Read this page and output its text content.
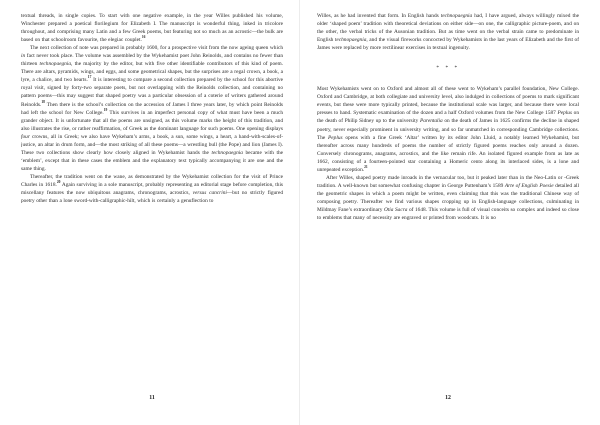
textual threads, in single copies. To start with one negative example, in the year Willes published his volume, Winchester prepared a poetical florilegium for Elizabeth I. The manuscript is wonderful thing, inked in tricolore throughout, and comprising many Latin and a few Greek poems, but featuring not so much as an acrostic—the bulk are based on that schoolroom favourite, the elegiac couplet.$^{16}$

The next collection of note was prepared in probably 1600, for a prospective visit from the now ageing queen which in fact never took place. The volume was assembled by the Wykehamist poet John Reinolds, and contains no fewer than thirteen technopaegnia, the majority by the editor, but with five other identifiable contributors of this kind of poem. There are altars, pyramids, wings, and eggs, and some geometrical shapes, but the surprises are a regal crown, a book, a lyre, a chalice, and two hearts.$^{17}$ It is interesting to compare a second collection prepared by the school for this abortive royal visit, signed by forty-two separate poets, but not overlapping with the Reinolds collection, and containing no pattern poems—this may suggest that shaped poetry was a particular obsession of a coterie of writers gathered around Reinolds.$^{18}$ Then there is the school’s collection on the accession of James I three years later, by which point Reinolds had left the school for New College.$^{19}$ This survives in an imperfect personal copy of what must have been a much grander object. It is unfortunate that all the poems are unsigned, as this volume marks the height of this tradition, and also illustrates the rise, or rather reaffirmation, of Greek as the dominant language for such poems. One opening displays four crowns, all in Greek; we also have Wykeham’s arms, a book, a sun, some wings, a heart, a hand-with-scales-of-justice, an altar in drum form, and—the most striking of all these poems—a wrestling bull (the Pope) and lion (James I). These two collections show clearly how closely aligned in Wykehamist hands the technopaegnia became with the ‘emblem’, except that in these cases the emblem and the explanatory text typically accompanying it are one and the same thing.

Thereafter, the tradition went on the wane, as demonstrated by the Wykehamist collection for the visit of Prince Charles in 1618.20 Again surviving in a sole manuscript, probably representing an editorial stage before completion, this miscellany features the now ubiquitous anagrams, chronograms, acrostics, versus cancrini—but no strictly figured poetry other than a lone sword-with-calligraphic-hilt, which is certainly a genuflection to

11

Willes, as he had invented that form. In English hands technopaegnia had, I have argued, always willingly mixed the older ‘shaped poem’ tradition with theoretical deviations on either side—on one, the calligraphic picture-poem, and on the other, the verbal tricks of the Ausonian tradition. But as time went on the verbal strain came to predominate in English technopaegnia, and the visual fireworks concocted by Wykehamists in the last years of Elizabeth and the first of James were replaced by more rectilinear exercises in textual ingenuity.

* * *

Most Wykehamists went on to Oxford and almost all of these went to Wykeham’s parallel foundation, New College. Oxford and Cambridge, at both collegiate and university level, also indulged in collections of poems to mark significant events, but these were more typically printed, because the institutional scale was larger, and because there were local presses to hand. Systematic examination of the dozen and a half Oxford volumes from the New College 1587 Peplus on the death of Philip Sidney up to the university Parentalia on the death of James in 1625 confirms the decline in shaped poetry, never especially prominent in university writing, and so far unmatched in corresponding Cambridge collections. The Peplus opens with a fine Greek ‘Altar’ written by its editor John Lluid, a notably learned Wykehamist, but thereafter across many hundreds of poems the number of strictly figured poems reaches only around a dozen. Conversely chronograms, anagrams, acrostics, and the like remain rife. An isolated figured example from as late as 1662, consisting of a fourteen-pointed star containing a Homeric cento along its interlaced sides, is a lone and unrepeated exception.$^{21}$

After Willes, shaped poetry made inroads in the vernacular too, but it peaked later than in the Neo-Latin or -Greek tradition. A well-known but somewhat confusing chapter in George Puttenham’s 1589 Arte of English Poesie detailed all the geometric shapes in which a poem might be written, even claiming that this was the traditional Chinese way of composing poetry. Thereafter we find various shapes cropping up in English-language collections, culminating in Mildmay Fane’s extraordinary Otia Sacra of 1648. This volume is full of visual conceits so complex and indeed so close to emblems that many of necessity are engraved or printed from woodcuts. It is no

12
